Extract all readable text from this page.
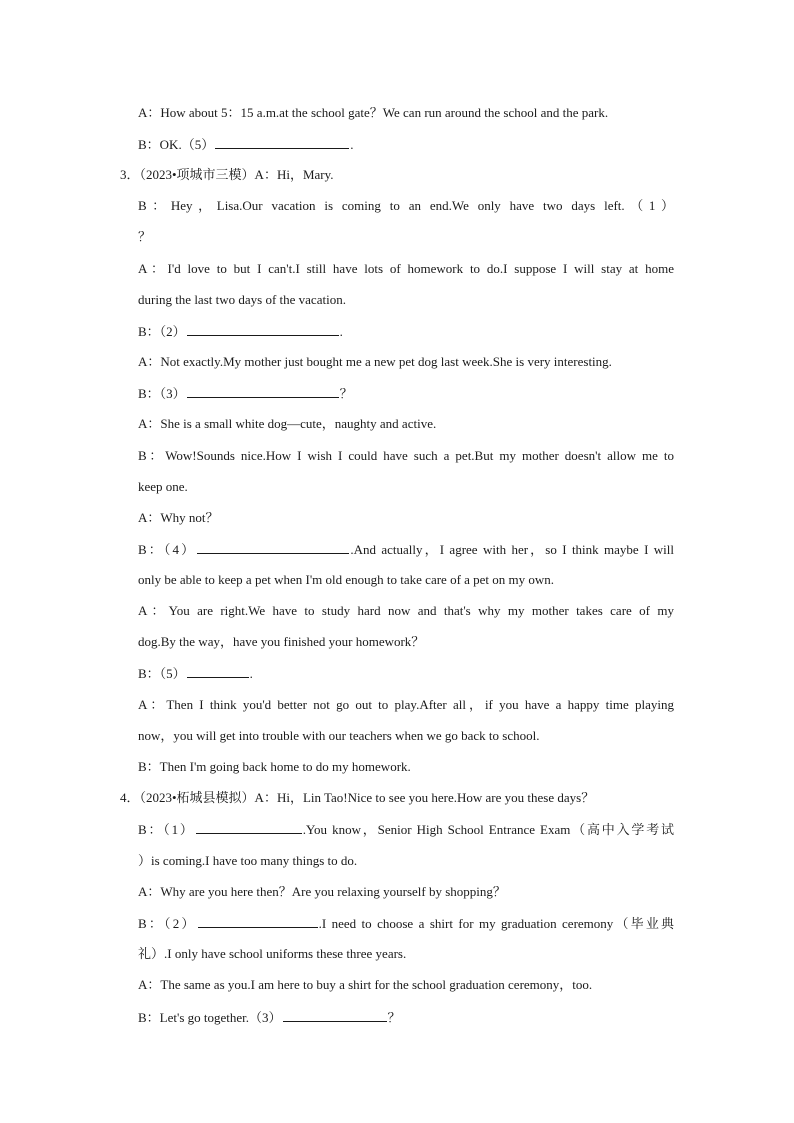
A：How about 5：15 a.m.at the school gate？We can run around the school and the park.
B：OK.（5）	.
3．（2023•项城市三模）A：Hi，Mary.
B：Hey，Lisa.Our vacation is coming to an end.We only have two days left.（1）
？
A：I'd love to but I can't.I still have lots of homework to do.I suppose I will stay at home
during the last two days of the vacation.
B：（2）	.
A：Not exactly.My mother just bought me a new pet dog last week.She is very interesting.
B：（3）	？
A：She is a small white dog—cute，naughty and active.
B：Wow!Sounds nice.How I wish I could have such a pet.But my mother doesn't allow me to
keep one.
A：Why not？
B：（4）	.And actually，I agree with her，so I think maybe I will
only be able to keep a pet when I'm old enough to take care of a pet on my own.
A：You are right.We have to study hard now and that's why my mother takes care of my
dog.By the way，have you finished your homework？
B：（5）	.
A：Then I think you'd better not go out to play.After all，if you have a happy time playing
now，you will get into trouble with our teachers when we go back to school.
B：Then I'm going back home to do my homework.
4．（2023•柘城县模拟）A：Hi，Lin Tao!Nice to see you here.How are you these days？
B：（1）	.You know，Senior High School Entrance Exam（高中入学考试
）is coming.I have too many things to do.
A：Why are you here then？Are you relaxing yourself by shopping？
B：（2）	.I need to choose a shirt for my graduation ceremony（毕业典
礼）.I only have school uniforms these three years.
A：The same as you.I am here to buy a shirt for the school graduation ceremony，too.
B：Let's go together.（3）	？
